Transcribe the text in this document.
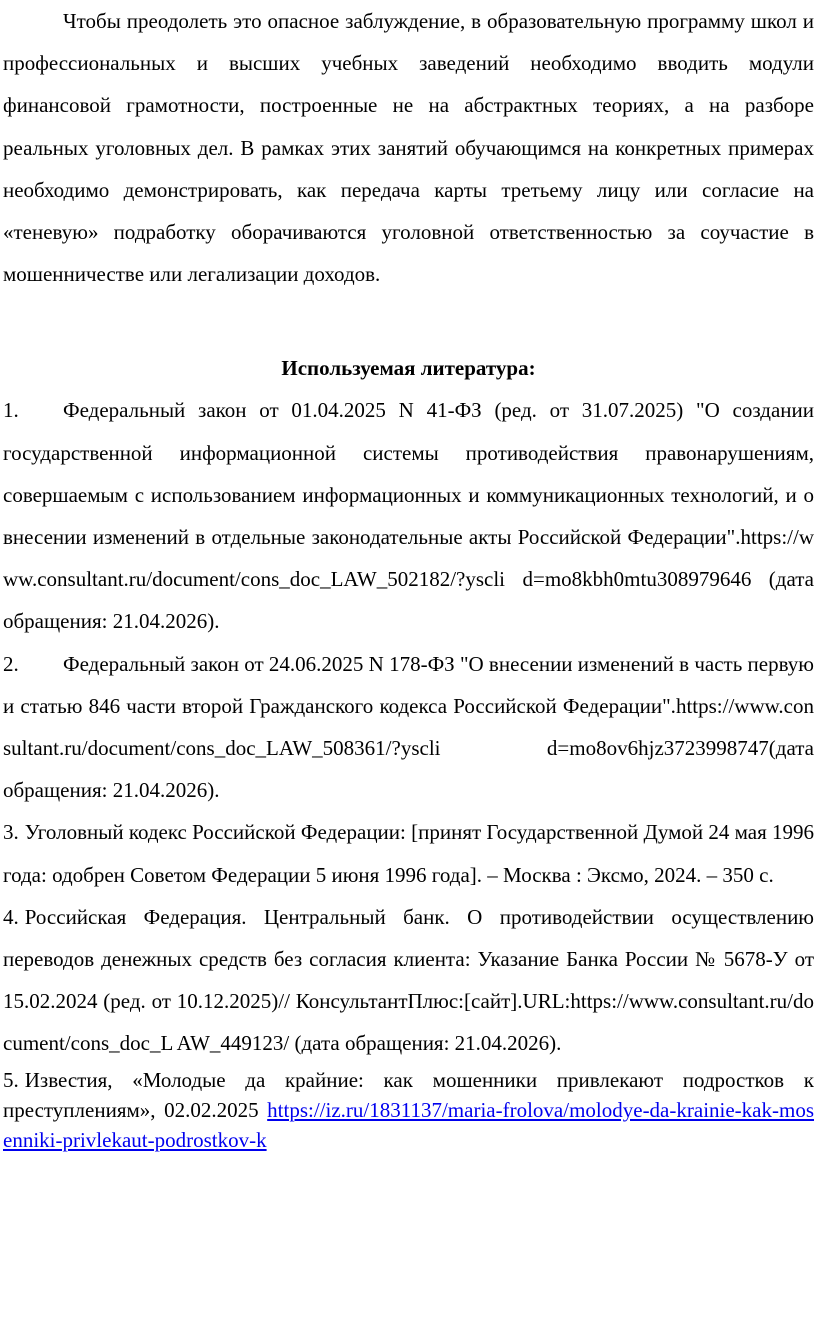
Чтобы преодолеть это опасное заблуждение, в образовательную программу школ и профессиональных и высших учебных заведений необходимо вводить модули финансовой грамотности, построенные не на абстрактных теориях, а на разборе реальных уголовных дел. В рамках этих занятий обучающимся на конкретных примерах необходимо демонстрировать, как передача карты третьему лицу или согласие на «теневую» подработку оборачиваются уголовной ответственностью за соучастие в мошенничестве или легализации доходов.

Используемая литература:

1. Федеральный закон от 01.04.2025 N 41-ФЗ (ред. от 31.07.2025) "О создании государственной информационной системы противодействия правонарушениям, совершаемым с использованием информационных и коммуникационных технологий, и о внесении изменений в отдельные законодательные акты Российской Федерации".https://www.consultant.ru/document/cons_doc_LAW_502182/?yscli d=mo8kbh0mtu308979646 (дата обращения: 21.04.2026).

2. Федеральный закон от 24.06.2025 N 178-ФЗ "О внесении изменений в часть первую и статью 846 части второй Гражданского кодекса Российской Федерации".https://www.consultant.ru/document/cons_doc_LAW_508361/?yscli d=mo8ov6hjz3723998747(дата обращения: 21.04.2026).

3. Уголовный кодекс Российской Федерации: [принят Государственной Думой 24 мая 1996 года: одобрен Советом Федерации 5 июня 1996 года]. – Москва : Эксмо, 2024. – 350 с.

4. Российская Федерация. Центральный банк. О противодействии осуществлению переводов денежных средств без согласия клиента: Указание Банка России № 5678-У от 15.02.2024 (ред. от 10.12.2025)// КонсультантПлюс:[сайт].URL:https://www.consultant.ru/document/cons_doc_L AW_449123/ (дата обращения: 21.04.2026).

5. Известия, «Молодые да крайние: как мошенники привлекают подростков к преступлениям», 02.02.2025 https://iz.ru/1831137/maria-frolova/molodye-da-krainie-kak-mosenniki-privlekaut-podrostkov-k
